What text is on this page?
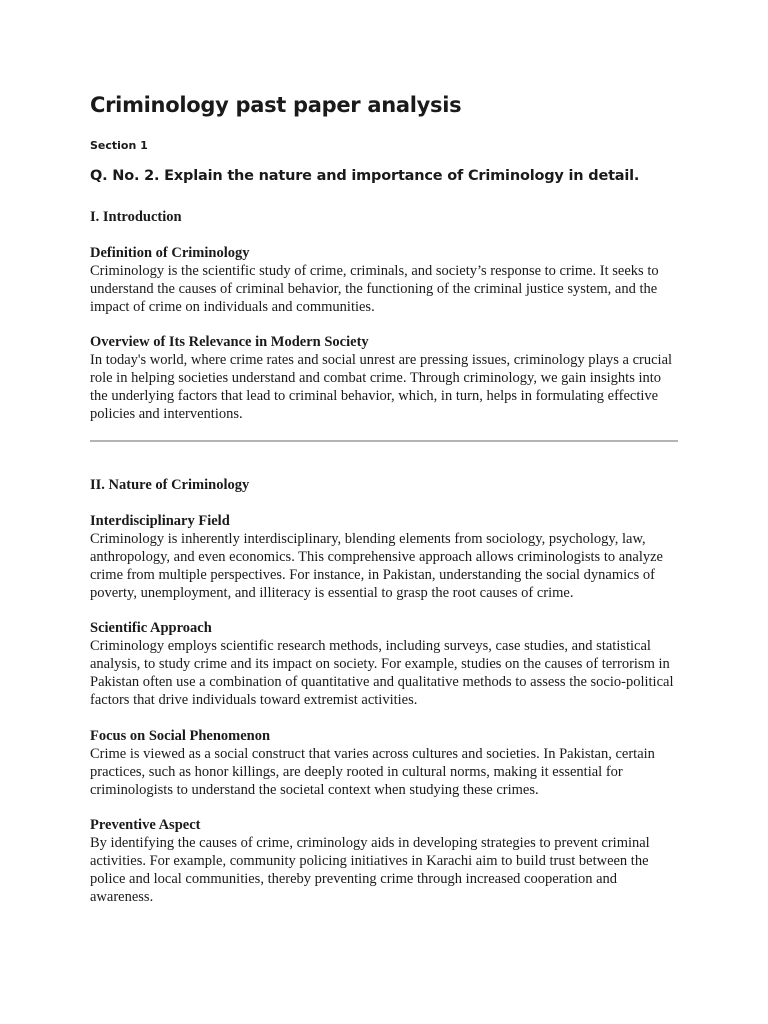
Criminology past paper analysis
Section 1
Q. No. 2. Explain the nature and importance of Criminology in detail.

I. Introduction

Definition of Criminology

Criminology is the scientific study of crime, criminals, and society’s response to crime. It seeks to understand the causes of criminal behavior, the functioning of the criminal justice system, and the impact of crime on individuals and communities.

Overview of Its Relevance in Modern Society

In today's world, where crime rates and social unrest are pressing issues, criminology plays a crucial role in helping societies understand and combat crime. Through criminology, we gain insights into the underlying factors that lead to criminal behavior, which, in turn, helps in formulating effective policies and interventions.

II. Nature of Criminology

Interdisciplinary Field

Criminology is inherently interdisciplinary, blending elements from sociology, psychology, law, anthropology, and even economics. This comprehensive approach allows criminologists to analyze crime from multiple perspectives. For instance, in Pakistan, understanding the social dynamics of poverty, unemployment, and illiteracy is essential to grasp the root causes of crime.

Scientific Approach

Criminology employs scientific research methods, including surveys, case studies, and statistical analysis, to study crime and its impact on society. For example, studies on the causes of terrorism in Pakistan often use a combination of quantitative and qualitative methods to assess the socio-political factors that drive individuals toward extremist activities.

Focus on Social Phenomenon

Crime is viewed as a social construct that varies across cultures and societies. In Pakistan, certain practices, such as honor killings, are deeply rooted in cultural norms, making it essential for criminologists to understand the societal context when studying these crimes.

Preventive Aspect

By identifying the causes of crime, criminology aids in developing strategies to prevent criminal activities. For example, community policing initiatives in Karachi aim to build trust between the police and local communities, thereby preventing crime through increased cooperation and awareness.
